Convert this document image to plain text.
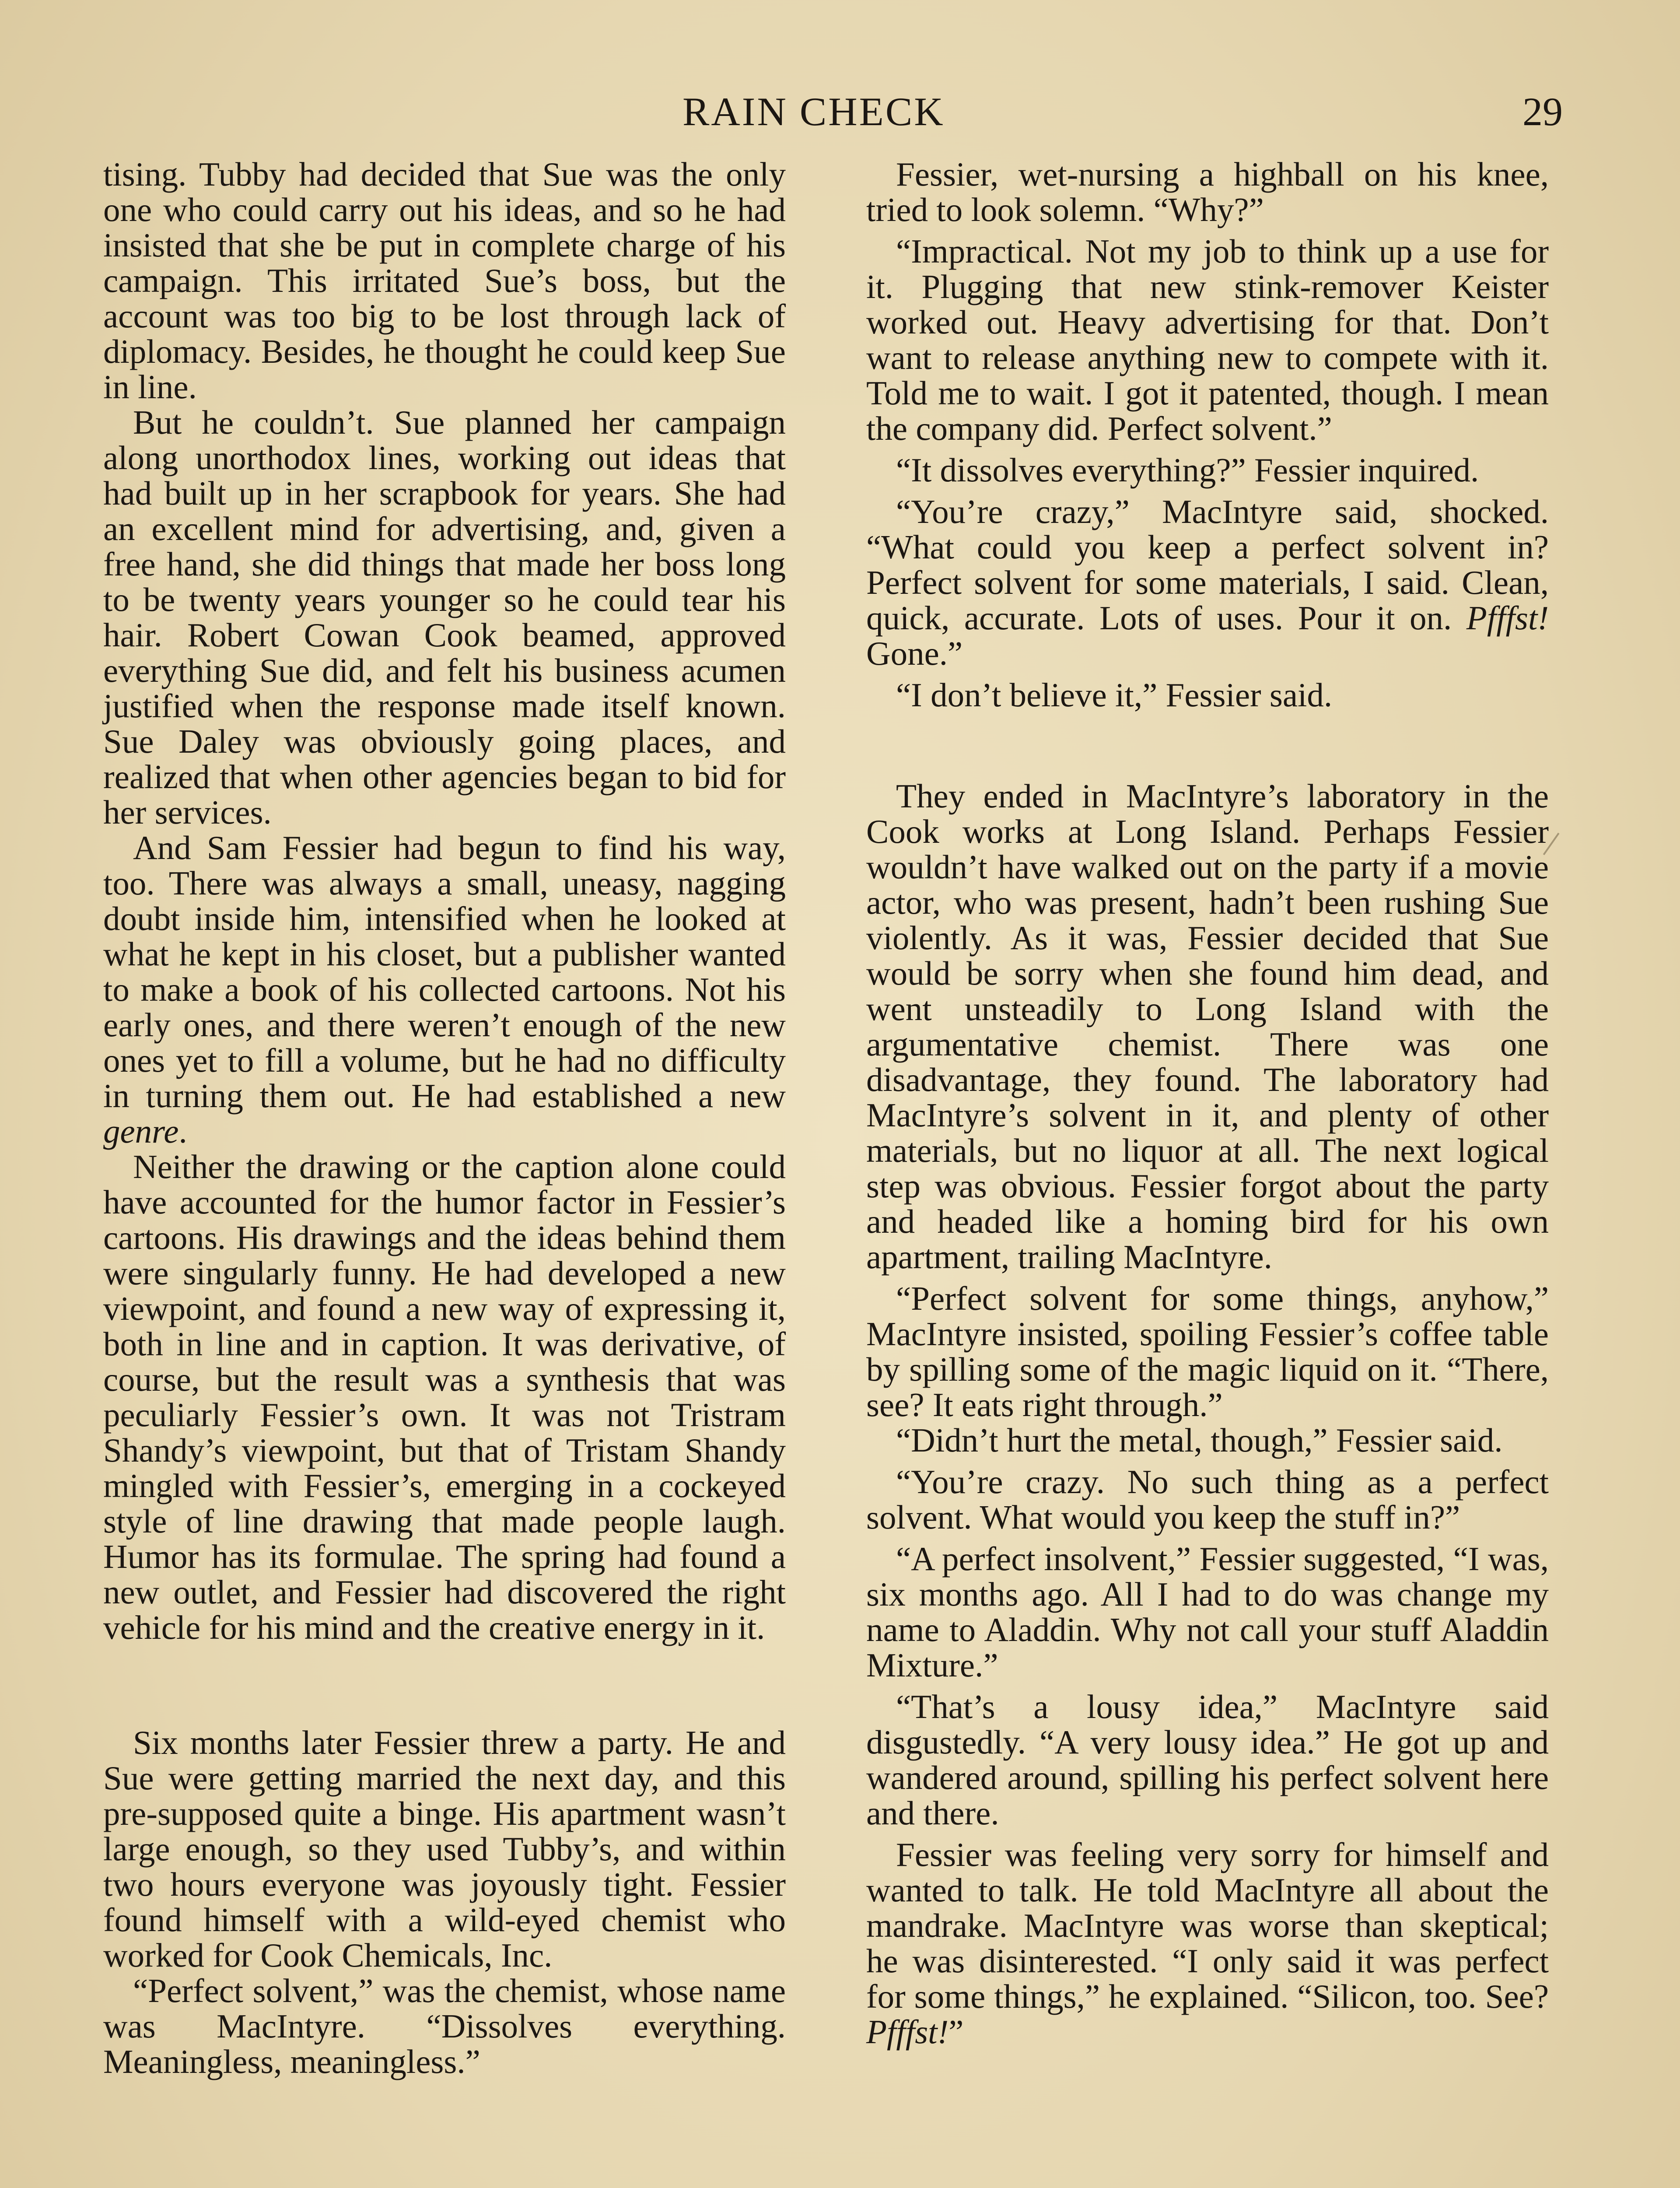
RAIN CHECK	29

tising. Tubby had decided that Sue was the only one who could carry out his ideas, and so he had insisted that she be put in complete charge of his campaign. This irritated Sue’s boss, but the account was too big to be lost through lack of diplomacy. Besides, he thought he could keep Sue in line.

But he couldn’t. Sue planned her campaign along unorthodox lines, working out ideas that had built up in her scrapbook for years. She had an excellent mind for advertising, and, given a free hand, she did things that made her boss long to be twenty years younger so he could tear his hair. Robert Cowan Cook beamed, approved everything Sue did, and felt his business acumen justified when the response made itself known. Sue Daley was obviously going places, and realized that when other agencies began to bid for her services.

And Sam Fessier had begun to find his way, too. There was always a small, uneasy, nagging doubt inside him, intensified when he looked at what he kept in his closet, but a publisher wanted to make a book of his collected cartoons. Not his early ones, and there weren’t enough of the new ones yet to fill a volume, but he had no difficulty in turning them out. He had established a new genre.

Neither the drawing or the caption alone could have accounted for the humor factor in Fessier’s cartoons. His drawings and the ideas behind them were singularly funny. He had developed a new viewpoint, and found a new way of expressing it, both in line and in caption. It was derivative, of course, but the result was a synthesis that was peculiarly Fessier’s own. It was not Tristram Shandy’s viewpoint, but that of Tristam Shandy mingled with Fessier’s, emerging in a cockeyed style of line drawing that made people laugh. Humor has its formulae. The spring had found a new outlet, and Fessier had discovered the right vehicle for his mind and the creative energy in it.

Six months later Fessier threw a party. He and Sue were getting married the next day, and this pre-supposed quite a binge. His apartment wasn’t large enough, so they used Tubby’s, and within two hours everyone was joyously tight. Fessier found himself with a wild-eyed chemist who worked for Cook Chemicals, Inc.

“Perfect solvent,” was the chemist, whose name was MacIntyre. “Dissolves everything. Meaningless, meaningless.”

Fessier, wet-nursing a highball on his knee, tried to look solemn. “Why?”

“Impractical. Not my job to think up a use for it. Plugging that new stink-remover Keister worked out. Heavy advertising for that. Don’t want to release anything new to compete with it. Told me to wait. I got it patented, though. I mean the company did. Perfect solvent.”

“It dissolves everything?” Fessier inquired.

“You’re crazy,” MacIntyre said, shocked. “What could you keep a perfect solvent in? Perfect solvent for some materials, I said. Clean, quick, accurate. Lots of uses. Pour it on. Pfffst! Gone.”

“I don’t believe it,” Fessier said.

They ended in MacIntyre’s laboratory in the Cook works at Long Island. Perhaps Fessier wouldn’t have walked out on the party if a movie actor, who was present, hadn’t been rushing Sue violently. As it was, Fessier decided that Sue would be sorry when she found him dead, and went unsteadily to Long Island with the argumentative chemist. There was one disadvantage, they found. The laboratory had MacIntyre’s solvent in it, and plenty of other materials, but no liquor at all. The next logical step was obvious. Fessier forgot about the party and headed like a homing bird for his own apartment, trailing MacIntyre.

“Perfect solvent for some things, anyhow,” MacIntyre insisted, spoiling Fessier’s coffee table by spilling some of the magic liquid on it. “There, see? It eats right through.”

“Didn’t hurt the metal, though,” Fessier said.

“You’re crazy. No such thing as a perfect solvent. What would you keep the stuff in?”

“A perfect insolvent,” Fessier suggested, “I was, six months ago. All I had to do was change my name to Aladdin. Why not call your stuff Aladdin Mixture.”

“That’s a lousy idea,” MacIntyre said disgustedly. “A very lousy idea.” He got up and wandered around, spilling his perfect solvent here and there.

Fessier was feeling very sorry for himself and wanted to talk. He told MacIntyre all about the mandrake. MacIntyre was worse than skeptical; he was disinterested. “I only said it was perfect for some things,” he explained. “Silicon, too. See? Pfffst!”
